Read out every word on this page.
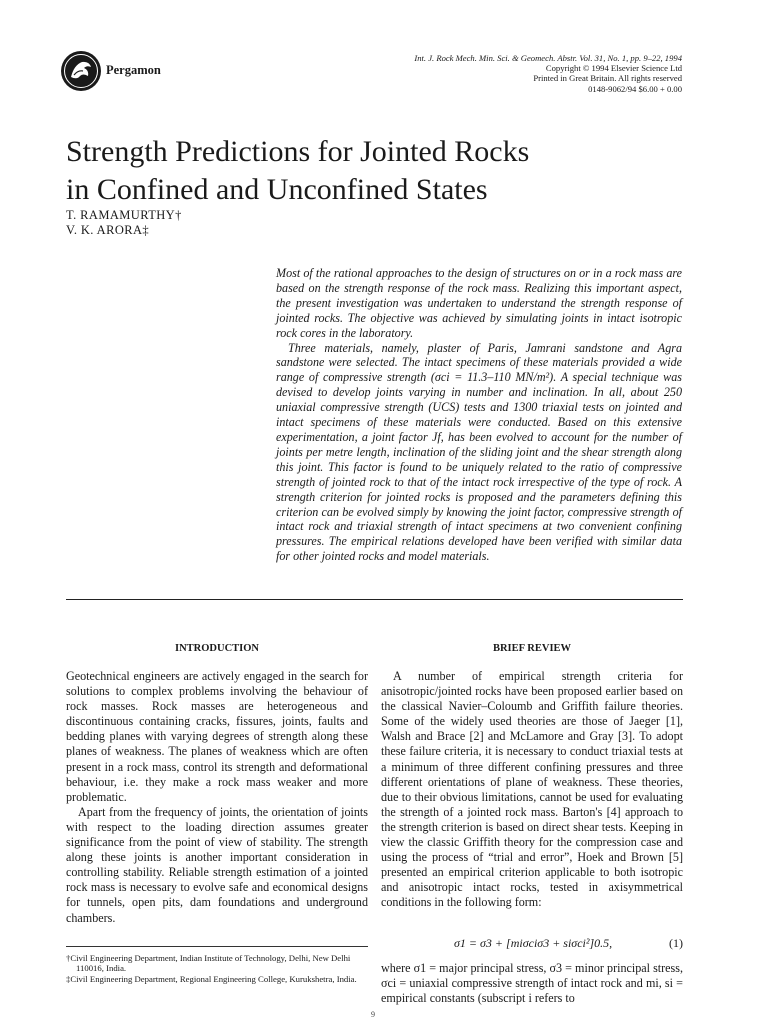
Pergamon
Int. J. Rock Mech. Min. Sci. & Geomech. Abstr. Vol. 31, No. 1, pp. 9–22, 1994
Copyright © 1994 Elsevier Science Ltd
Printed in Great Britain. All rights reserved
0148-9062/94 $6.00 + 0.00
Strength Predictions for Jointed Rocks
in Confined and Unconfined States
T. RAMAMURTHY†
V. K. ARORA‡

Most of the rational approaches to the design of structures on or in a rock mass are based on the strength response of the rock mass. Realizing this important aspect, the present investigation was undertaken to understand the strength response of jointed rocks. The objective was achieved by simulating joints in intact isotropic rock cores in the laboratory.

Three materials, namely, plaster of Paris, Jamrani sandstone and Agra sandstone were selected. The intact specimens of these materials provided a wide range of compressive strength (σci = 11.3–110 MN/m²). A special technique was devised to develop joints varying in number and inclination. In all, about 250 uniaxial compressive strength (UCS) tests and 1300 triaxial tests on jointed and intact specimens of these materials were conducted. Based on this extensive experimentation, a joint factor Jf, has been evolved to account for the number of joints per metre length, inclination of the sliding joint and the shear strength along this joint. This factor is found to be uniquely related to the ratio of compressive strength of jointed rock to that of the intact rock irrespective of the type of rock. A strength criterion for jointed rocks is proposed and the parameters defining this criterion can be evolved simply by knowing the joint factor, compressive strength of intact rock and triaxial strength of intact specimens at two convenient confining pressures. The empirical relations developed have been verified with similar data for other jointed rocks and model materials.

INTRODUCTION	BRIEF REVIEW

Geotechnical engineers are actively engaged in the search for solutions to complex problems involving the behaviour of rock masses. Rock masses are heterogeneous and discontinuous containing cracks, fissures, joints, faults and bedding planes with varying degrees of strength along these planes of weakness. The planes of weakness which are often present in a rock mass, control its strength and deformational behaviour, i.e. they make a rock mass weaker and more problematic.

Apart from the frequency of joints, the orientation of joints with respect to the loading direction assumes greater significance from the point of view of stability. The strength along these joints is another important consideration in controlling stability. Reliable strength estimation of a jointed rock mass is necessary to evolve safe and economical designs for tunnels, open pits, dam foundations and underground chambers.

A number of empirical strength criteria for anisotropic/jointed rocks have been proposed earlier based on the classical Navier–Coloumb and Griffith failure theories. Some of the widely used theories are those of Jaeger [1], Walsh and Brace [2] and McLamore and Gray [3]. To adopt these failure criteria, it is necessary to conduct triaxial tests at a minimum of three different confining pressures and three different orientations of plane of weakness. These theories, due to their obvious limitations, cannot be used for evaluating the strength of a jointed rock mass. Barton's [4] approach to the strength criterion is based on direct shear tests. Keeping in view the classic Griffith theory for the compression case and using the process of “trial and error”, Hoek and Brown [5] presented an empirical criterion applicable to both isotropic and anisotropic intact rocks, tested in axisymmetrical conditions in the following form:

σ1 = σ3 + [miσciσ3 + siσci²]0.5,	(1)

where σ1 = major principal stress, σ3 = minor principal stress, σci = uniaxial compressive strength of intact rock and mi, si = empirical constants (subscript i refers to

†Civil Engineering Department, Indian Institute of Technology, Delhi, New Delhi 110016, India.

‡Civil Engineering Department, Regional Engineering College, Kurukshetra, India.

9
